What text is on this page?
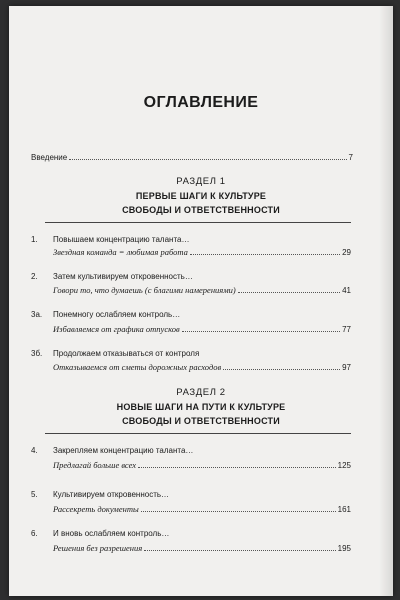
ОГЛАВЛЕНИЕ
Введение	7
РАЗДЕЛ 1
ПЕРВЫЕ ШАГИ К КУЛЬТУРЕ
СВОБОДЫ И ОТВЕТСТВЕННОСТИ
1. Повышаем концентрацию таланта…
Звездная команда = любимая работа	29
2. Затем культивируем откровенность…
Говори то, что думаешь (с благими намерениями)	41
3а. Понемногу ослабляем контроль…
Избавляемся от графика отпусков	77
3б. Продолжаем отказываться от контроля
Отказываемся от сметы дорожных расходов	97
РАЗДЕЛ 2
НОВЫЕ ШАГИ НА ПУТИ К КУЛЬТУРЕ
СВОБОДЫ И ОТВЕТСТВЕННОСТИ
4. Закрепляем концентрацию таланта…
Предлагай больше всех	125
5. Культивируем откровенность…
Рассекреть документы	161
6. И вновь ослабляем контроль…
Решения без разрешения	195
